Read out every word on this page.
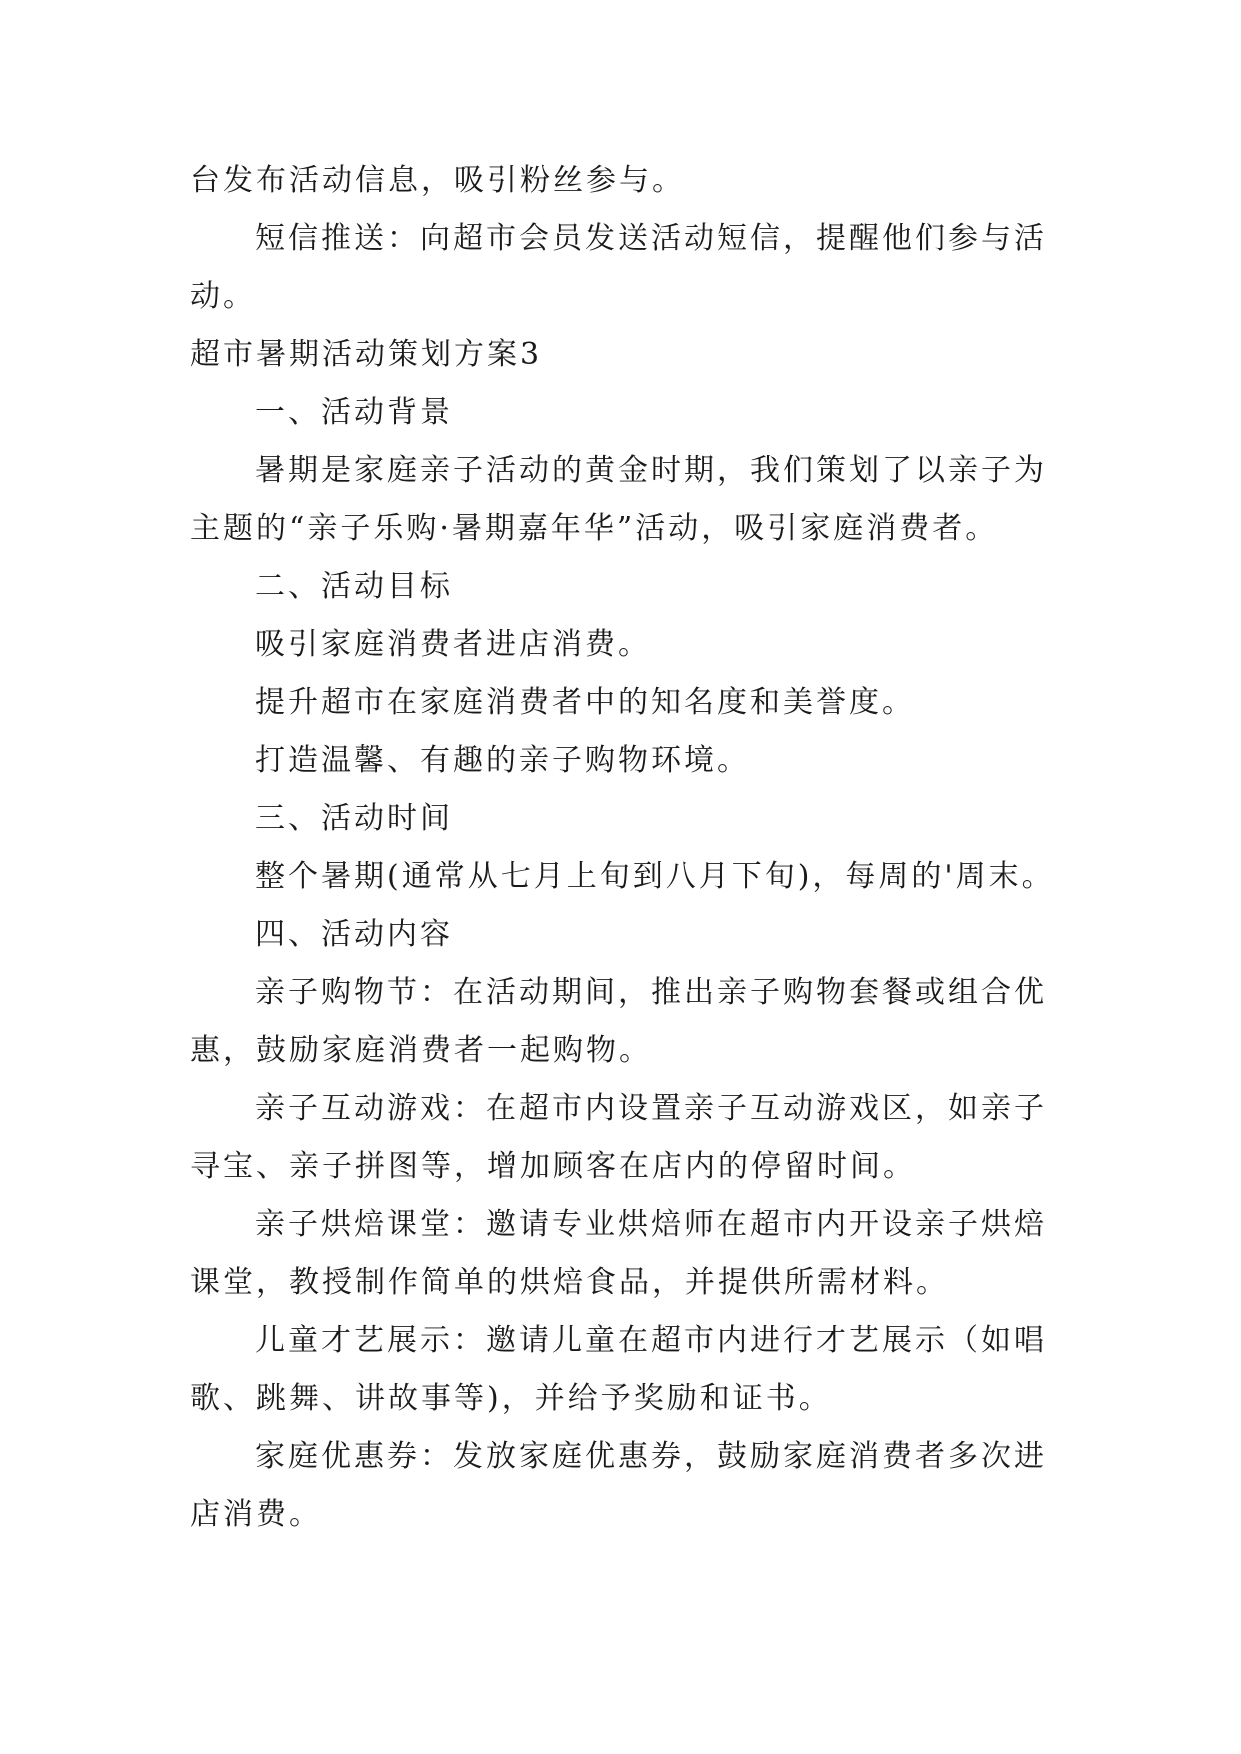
台发布活动信息，吸引粉丝参与。
短信推送：向超市会员发送活动短信，提醒他们参与活
动。
超市暑期活动策划方案3
一、活动背景
暑期是家庭亲子活动的黄金时期，我们策划了以亲子为
主题的“亲子乐购·暑期嘉年华”活动，吸引家庭消费者。
二、活动目标
吸引家庭消费者进店消费。
提升超市在家庭消费者中的知名度和美誉度。
打造温馨、有趣的亲子购物环境。
三、活动时间
整个暑期(通常从七月上旬到八月下旬)，每周的'周末。
四、活动内容
亲子购物节：在活动期间，推出亲子购物套餐或组合优
惠，鼓励家庭消费者一起购物。
亲子互动游戏：在超市内设置亲子互动游戏区，如亲子
寻宝、亲子拼图等，增加顾客在店内的停留时间。
亲子烘焙课堂：邀请专业烘焙师在超市内开设亲子烘焙
课堂，教授制作简单的烘焙食品，并提供所需材料。
儿童才艺展示：邀请儿童在超市内进行才艺展示（如唱
歌、跳舞、讲故事等)，并给予奖励和证书。
家庭优惠券：发放家庭优惠券，鼓励家庭消费者多次进
店消费。
